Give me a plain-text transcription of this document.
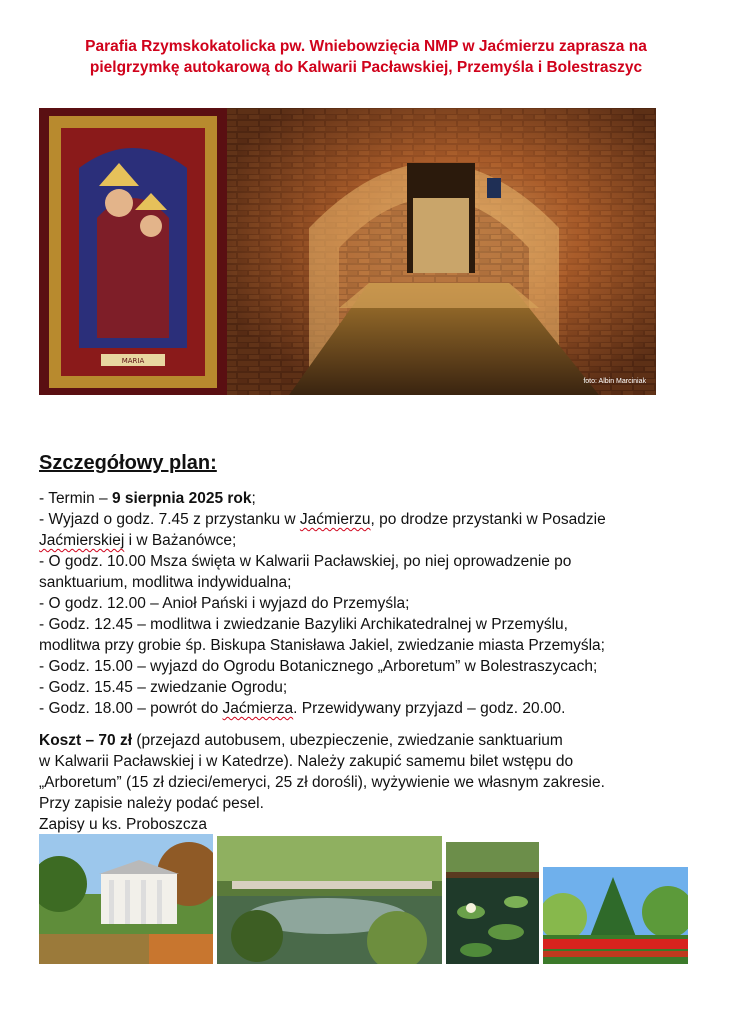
Parafia Rzymskokatolicka pw. Wniebowzięcia NMP w Jaćmierzu zaprasza na
pielgrzymkę autokarową do Kalwarii Pacławskiej, Przemyśla i Bolestraszyc
MARIA
foto: Albin Marciniak
Szczegółowy plan:

- Termin – 9 sierpnia 2025 rok;

- Wyjazd o godz. 7.45 z przystanku w Jaćmierzu, po drodze przystanki w Posadzie

Jaćmierskiej i w Bażanówce;

- O godz. 10.00 Msza święta w Kalwarii Pacławskiej, po niej oprowadzenie po

sanktuarium, modlitwa indywidualna;

- O godz. 12.00 – Anioł Pański i wyjazd do Przemyśla;

- Godz. 12.45 – modlitwa i zwiedzanie Bazyliki Archikatedralnej w Przemyślu,

modlitwa przy grobie śp. Biskupa Stanisława Jakiel, zwiedzanie miasta Przemyśla;

- Godz. 15.00 – wyjazd do Ogrodu Botanicznego „Arboretum” w Bolestraszycach;

- Godz. 15.45 – zwiedzanie Ogrodu;

- Godz. 18.00 – powrót do Jaćmierza. Przewidywany przyjazd – godz. 20.00.

Koszt – 70 zł (przejazd autobusem, ubezpieczenie, zwiedzanie sanktuarium

w Kalwarii Pacławskiej i w Katedrze). Należy zakupić samemu bilet wstępu do

„Arboretum” (15 zł dzieci/emeryci, 25 zł dorośli), wyżywienie we własnym zakresie.

Przy zapisie należy podać pesel.

Zapisy u ks. Proboszcza
